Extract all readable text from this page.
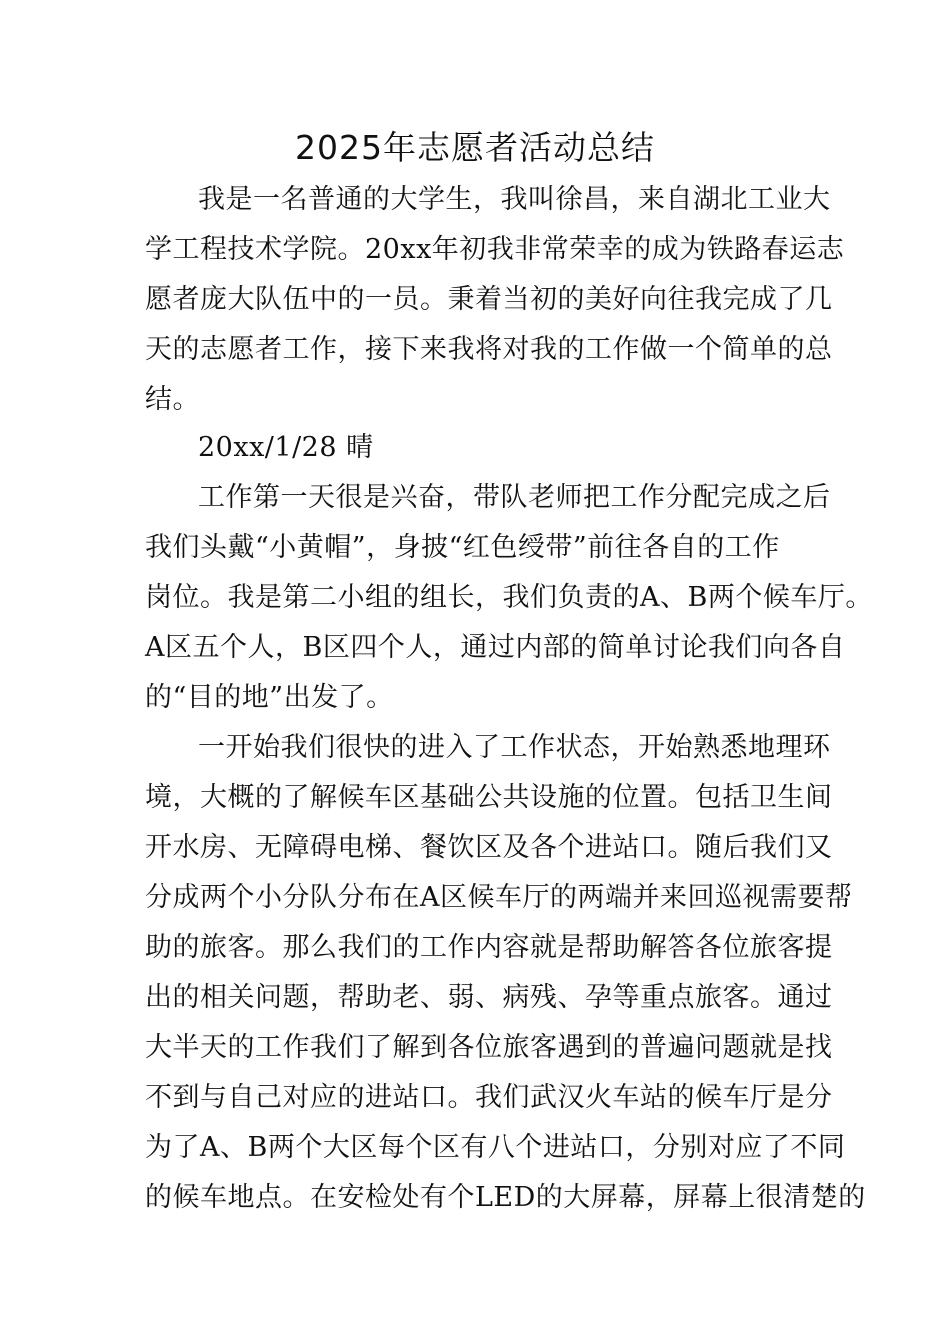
2025年志愿者活动总结
我是一名普通的大学生，我叫徐昌，来自湖北工业大
学工程技术学院。20xx年初我非常荣幸的成为铁路春运志
愿者庞大队伍中的一员。秉着当初的美好向往我完成了几
天的志愿者工作，接下来我将对我的工作做一个简单的总
结。
20xx/1/28 晴
工作第一天很是兴奋，带队老师把工作分配完成之后
我们头戴“小黄帽”，身披“红色绶带”前往各自的工作
岗位。我是第二小组的组长，我们负责的A、B两个候车厅。
A区五个人，B区四个人，通过内部的简单讨论我们向各自
的“目的地”出发了。
一开始我们很快的进入了工作状态，开始熟悉地理环
境，大概的了解候车区基础公共设施的位置。包括卫生间
开水房、无障碍电梯、餐饮区及各个进站口。随后我们又
分成两个小分队分布在A区候车厅的两端并来回巡视需要帮
助的旅客。那么我们的工作内容就是帮助解答各位旅客提
出的相关问题，帮助老、弱、病残、孕等重点旅客。通过
大半天的工作我们了解到各位旅客遇到的普遍问题就是找
不到与自己对应的进站口。我们武汉火车站的候车厅是分
为了A、B两个大区每个区有八个进站口，分别对应了不同
的候车地点。在安检处有个LED的大屏幕，屏幕上很清楚的
